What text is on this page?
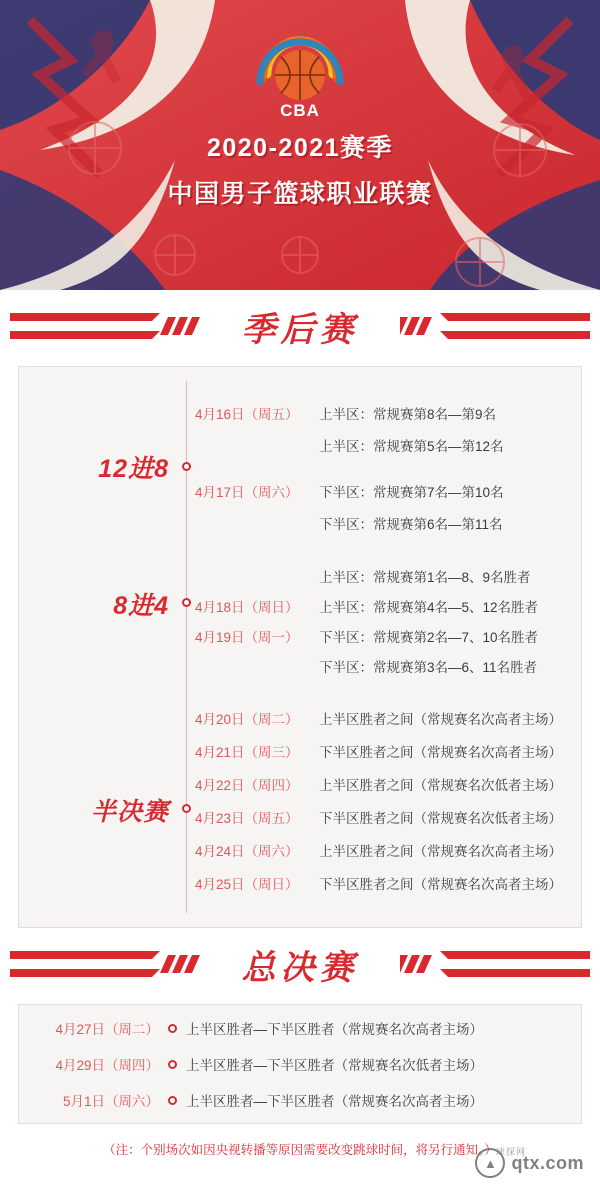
CBA
2020-2021赛季
中国男子篮球职业联赛
季后赛
12进8
4月16日（周五）	上半区：常规赛第8名—第9名
上半区：常规赛第5名—第12名
4月17日（周六）	下半区：常规赛第7名—第10名
下半区：常规赛第6名—第11名
8进4
上半区：常规赛第1名—8、9名胜者
4月18日（周日）	上半区：常规赛第4名—5、12名胜者
4月19日（周一）	下半区：常规赛第2名—7、10名胜者
下半区：常规赛第3名—6、11名胜者
半决赛
4月20日（周二）	上半区胜者之间（常规赛名次高者主场）
4月21日（周三）	下半区胜者之间（常规赛名次高者主场）
4月22日（周四）	上半区胜者之间（常规赛名次低者主场）
4月23日（周五）	下半区胜者之间（常规赛名次低者主场）
4月24日（周六）	上半区胜者之间（常规赛名次高者主场）
4月25日（周日）	下半区胜者之间（常规赛名次高者主场）
总决赛
4月27日（周二） 上半区胜者—下半区胜者（常规赛名次高者主场）
4月29日（周四） 上半区胜者—下半区胜者（常规赛名次低者主场）
5月1日（周六） 上半区胜者—下半区胜者（常规赛名次高者主场）
（注：个别场次如因央视转播等原因需要改变跳球时间，将另行通知。） 球探网
▲ qtx.com
